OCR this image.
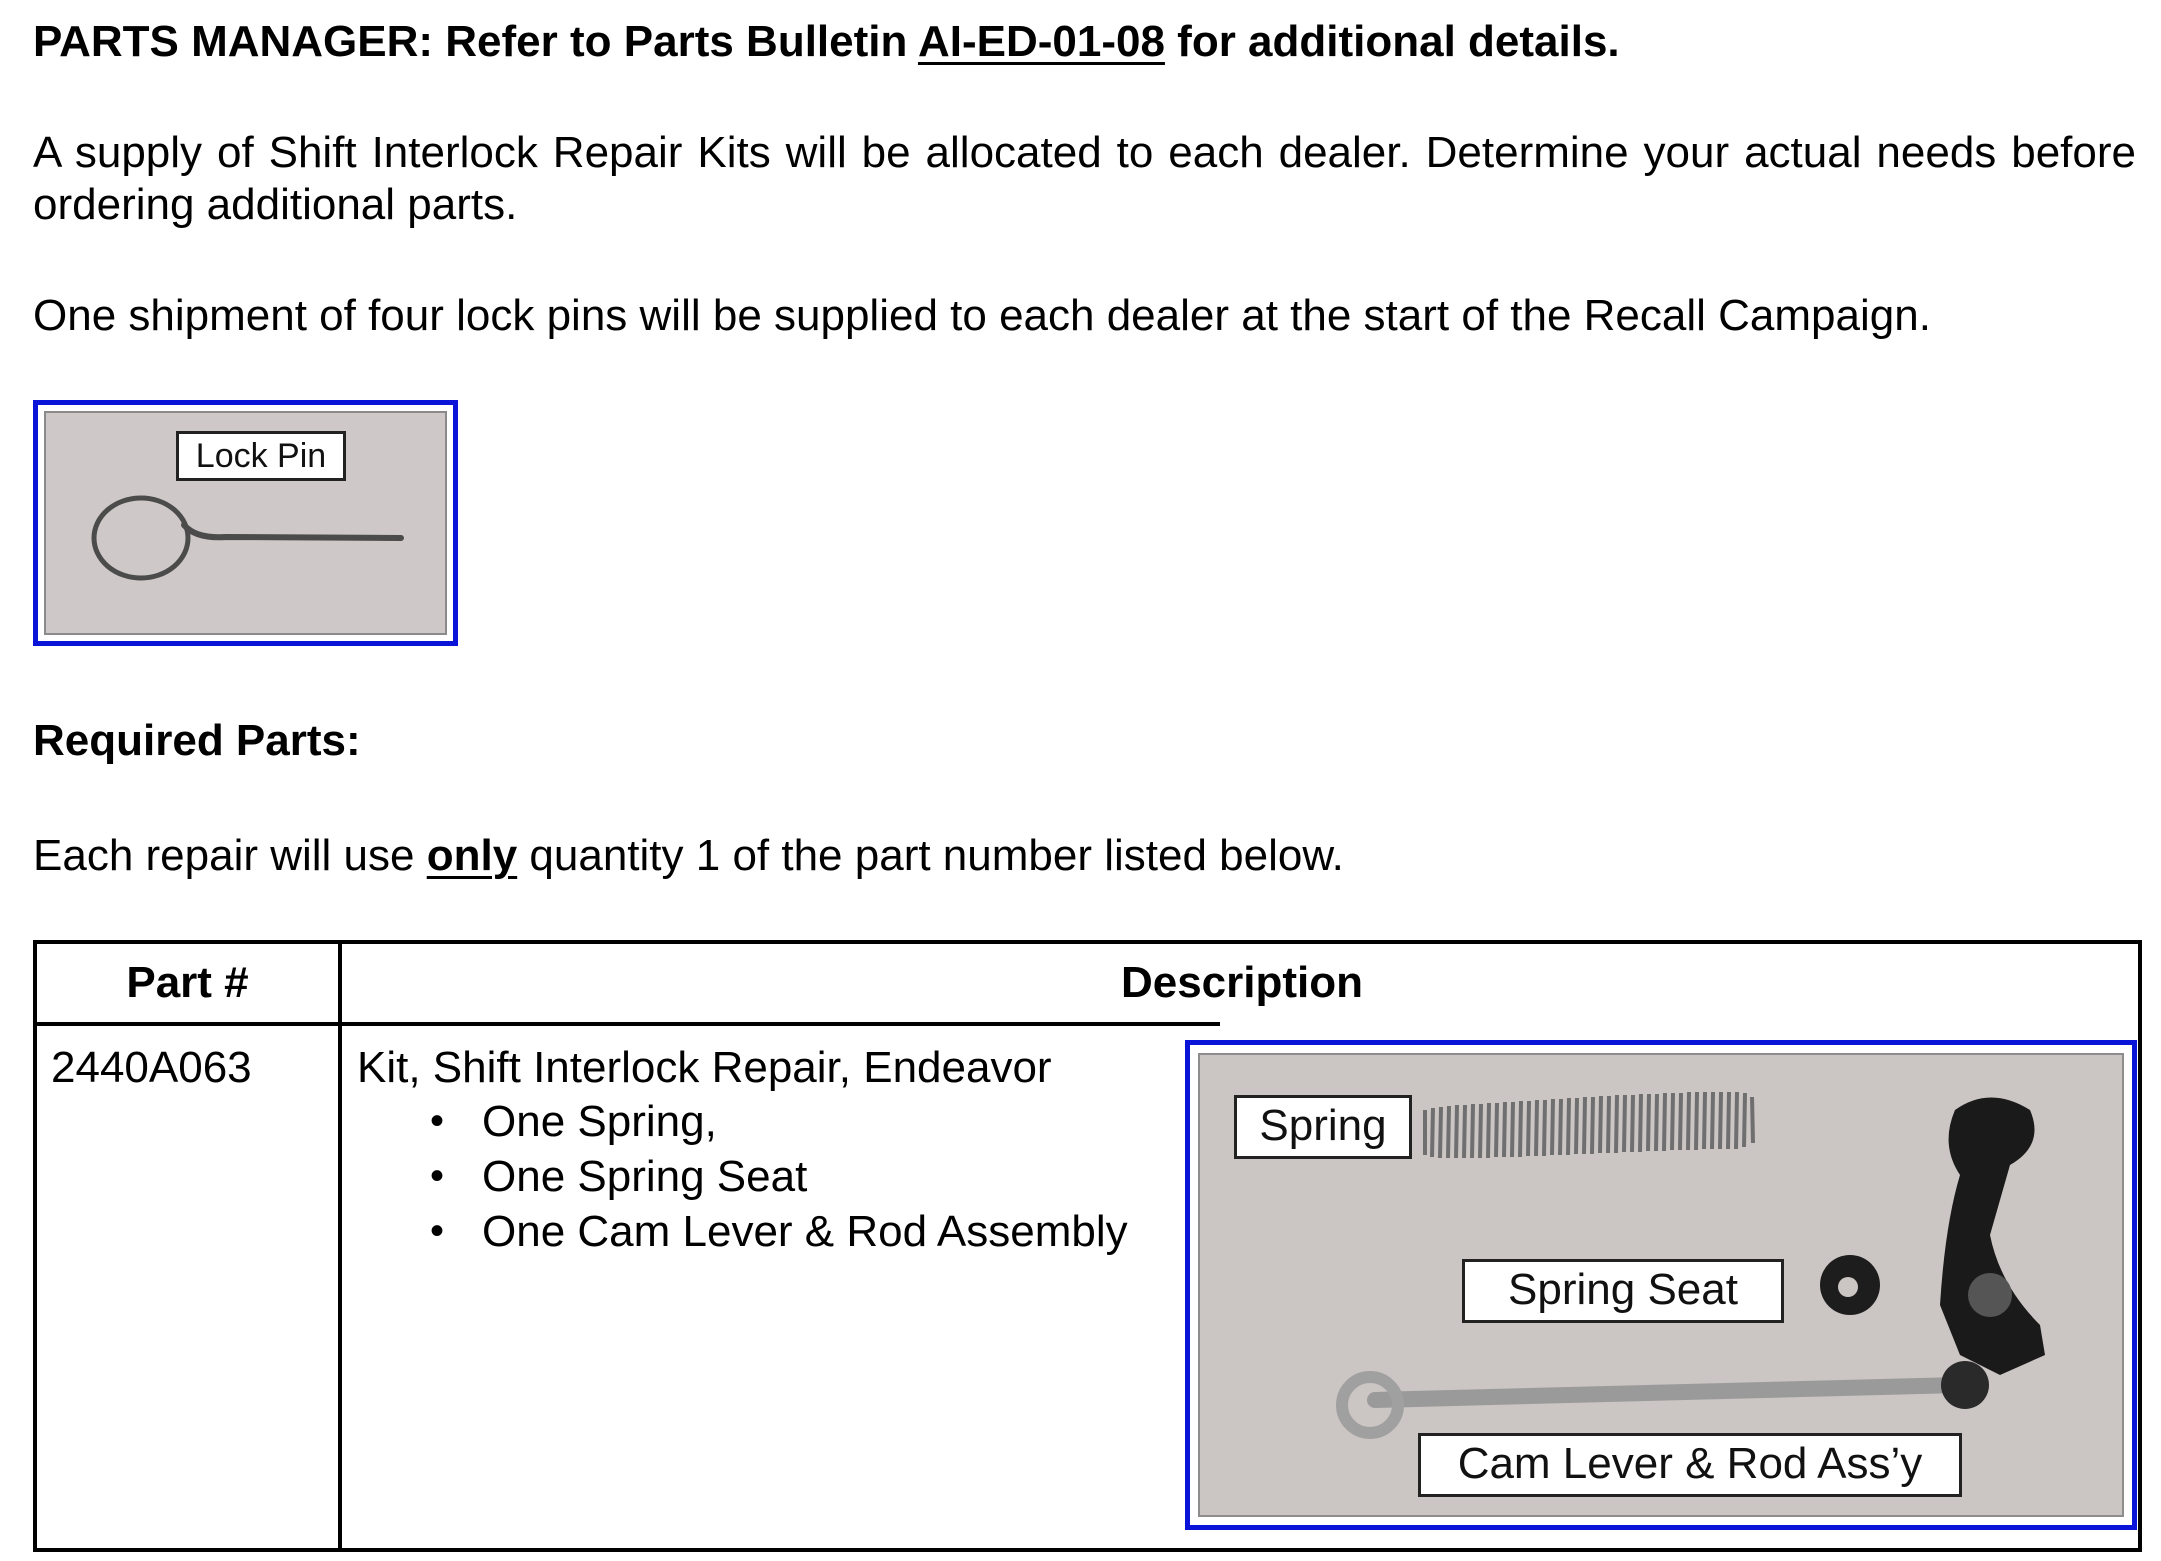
PARTS MANAGER: Refer to Parts Bulletin AI-ED-01-08 for additional details.

A supply of Shift Interlock Repair Kits will be allocated to each dealer. Determine your actual needs before ordering additional parts.

One shipment of four lock pins will be supplied to each dealer at the start of the Recall Campaign.

Lock Pin

Required Parts:

Each repair will use only quantity 1 of the part number listed below.

Part #	Description
2440A063 Kit, Shift Interlock Repair, Endeavor
• One Spring,
• One Spring Seat
• One Cam Lever & Rod Assembly
Spring
Spring Seat
Cam Lever & Rod Ass’y
